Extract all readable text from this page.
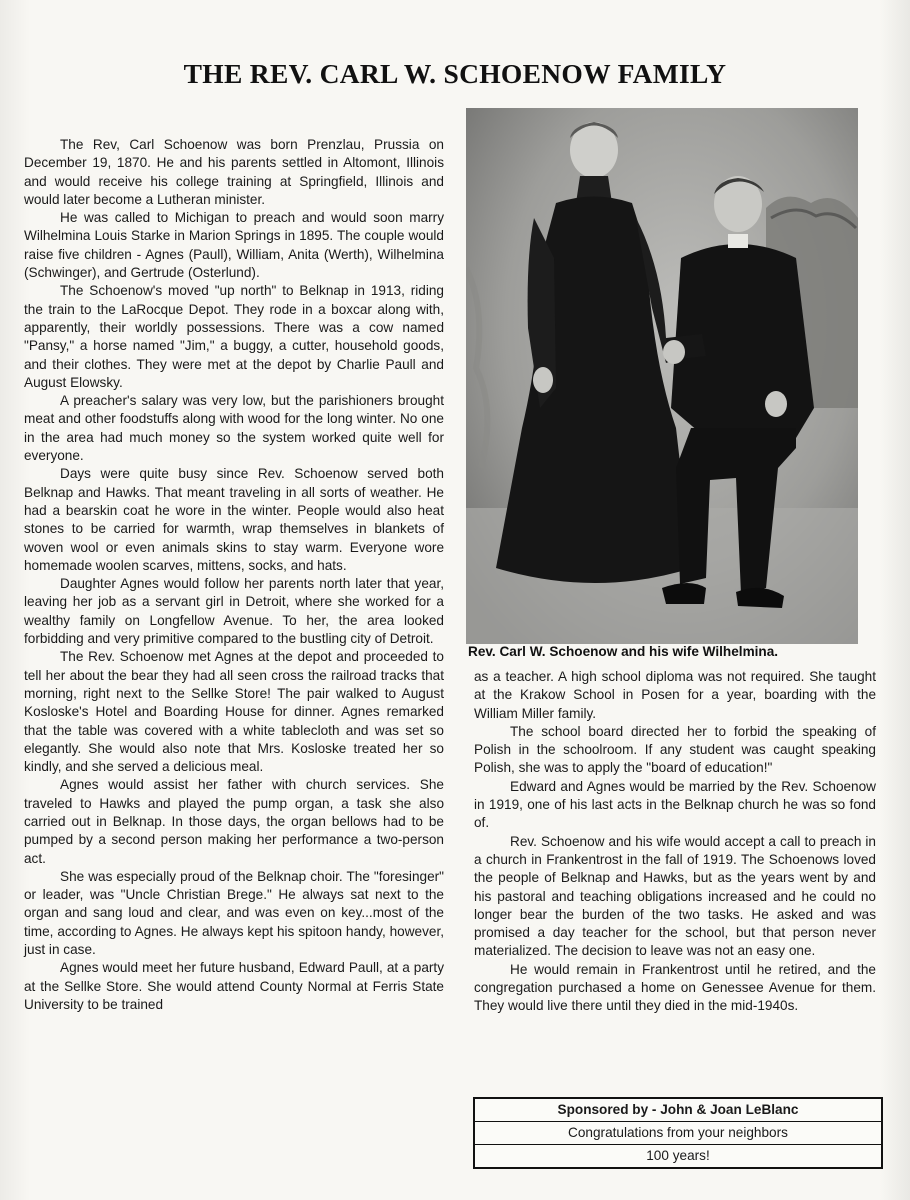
THE REV. CARL W. SCHOENOW FAMILY

The Rev, Carl Schoenow was born Prenzlau, Prussia on December 19, 1870. He and his parents settled in Altomont, Illinois and would receive his college training at Springfield, Illinois and would later become a Lutheran minister.

He was called to Michigan to preach and would soon marry Wilhelmina Louis Starke in Marion Springs in 1895. The couple would raise five children - Agnes (Paull), William, Anita (Werth), Wilhelmina (Schwinger), and Gertrude (Osterlund).

The Schoenow's moved "up north" to Belknap in 1913, riding the train to the LaRocque Depot. They rode in a boxcar along with, apparently, their worldly possessions. There was a cow named "Pansy," a horse named "Jim," a buggy, a cutter, household goods, and their clothes. They were met at the depot by Charlie Paull and August Elowsky.

A preacher's salary was very low, but the parishioners brought meat and other foodstuffs along with wood for the long winter. No one in the area had much money so the system worked quite well for everyone.

Days were quite busy since Rev. Schoenow served both Belknap and Hawks. That meant traveling in all sorts of weather. He had a bearskin coat he wore in the winter. People would also heat stones to be carried for warmth, wrap themselves in blankets of woven wool or even animals skins to stay warm. Everyone wore homemade woolen scarves, mittens, socks, and hats.

Daughter Agnes would follow her parents north later that year, leaving her job as a servant girl in Detroit, where she worked for a wealthy family on Longfellow Avenue. To her, the area looked forbidding and very primitive compared to the bustling city of Detroit.

The Rev. Schoenow met Agnes at the depot and proceeded to tell her about the bear they had all seen cross the railroad tracks that morning, right next to the Sellke Store! The pair walked to August Kosloske's Hotel and Boarding House for dinner. Agnes remarked that the table was covered with a white tablecloth and was set so elegantly. She would also note that Mrs. Kosloske treated her so kindly, and she served a delicious meal.

Agnes would assist her father with church services. She traveled to Hawks and played the pump organ, a task she also carried out in Belknap. In those days, the organ bellows had to be pumped by a second person making her performance a two-person act.

She was especially proud of the Belknap choir. The "foresinger" or leader, was "Uncle Christian Brege." He always sat next to the organ and sang loud and clear, and was even on key...most of the time, according to Agnes. He always kept his spitoon handy, however, just in case.

Agnes would meet her future husband, Edward Paull, at a party at the Sellke Store. She would attend County Normal at Ferris State University to be trained

Rev. Carl W. Schoenow and his wife Wilhelmina.

as a teacher. A high school diploma was not required. She taught at the Krakow School in Posen for a year, boarding with the William Miller family.

The school board directed her to forbid the speaking of Polish in the schoolroom. If any student was caught speaking Polish, she was to apply the "board of education!"

Edward and Agnes would be married by the Rev. Schoenow in 1919, one of his last acts in the Belknap church he was so fond of.

Rev. Schoenow and his wife would accept a call to preach in a church in Frankentrost in the fall of 1919. The Schoenows loved the people of Belknap and Hawks, but as the years went by and his pastoral and teaching obligations increased and he could no longer bear the burden of the two tasks. He asked and was promised a day teacher for the school, but that person never materialized. The decision to leave was not an easy one.

He would remain in Frankentrost until he retired, and the congregation purchased a home on Genessee Avenue for them. They would live there until they died in the mid-1940s.

Sponsored by - John & Joan LeBlanc
Congratulations from your neighbors
100 years!
